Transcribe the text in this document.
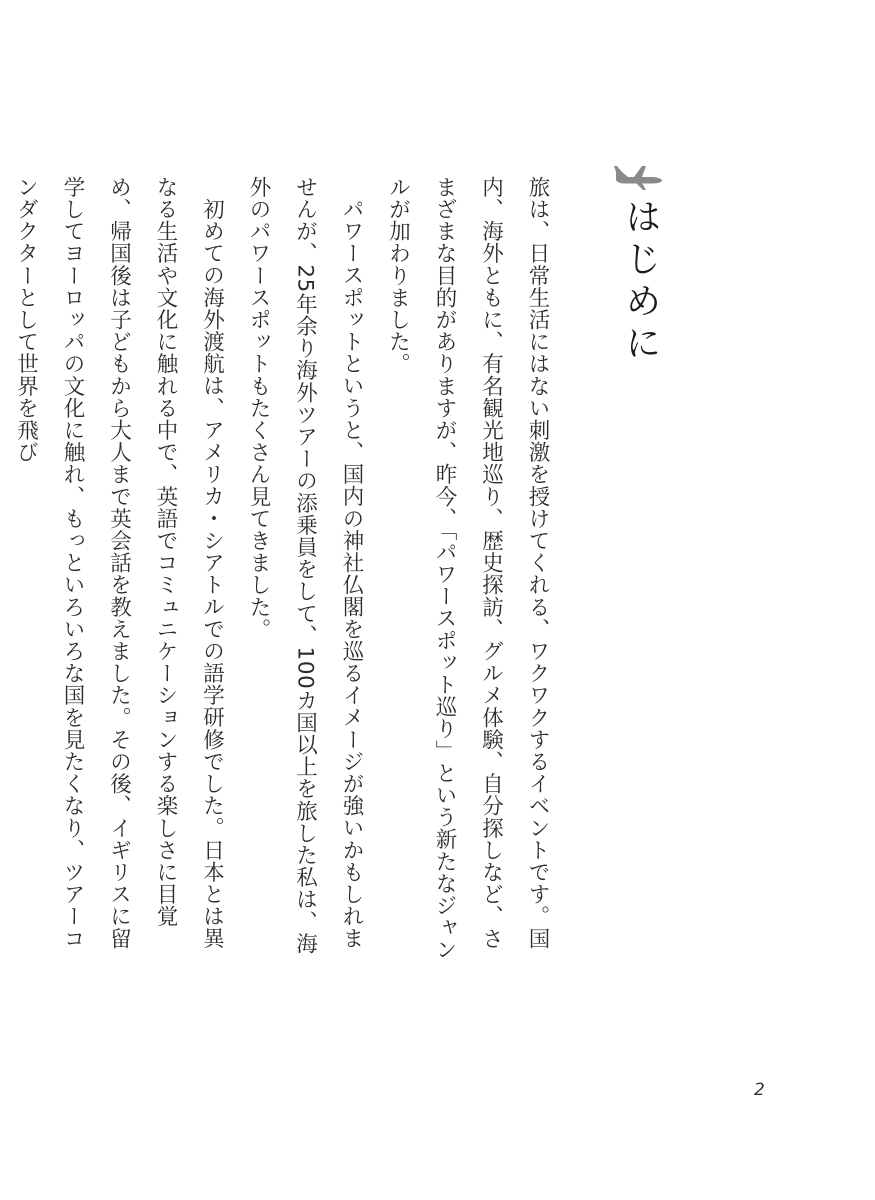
はじめに

旅は、日常生活にはない刺激を授けてくれる、ワクワクするイベントです。国内、海外ともに、有名観光地巡り、歴史探訪、グルメ体験、自分探しなど、さまざまな目的がありますが、昨今、「パワースポット巡り」という新たなジャンルが加わりました。

パワースポットというと、国内の神社仏閣を巡るイメージが強いかもしれませんが、25年余り海外ツアーの添乗員をして、100カ国以上を旅した私は、海外のパワースポットもたくさん見てきました。

初めての海外渡航は、アメリカ・シアトルでの語学研修でした。日本とは異なる生活や文化に触れる中で、英語でコミュニケーションする楽しさに目覚め、帰国後は子どもから大人まで英会話を教えました。その後、イギリスに留学してヨーロッパの文化に触れ、もっといろいろな国を見たくなり、ツアーコンダクターとして世界を飛び

2
